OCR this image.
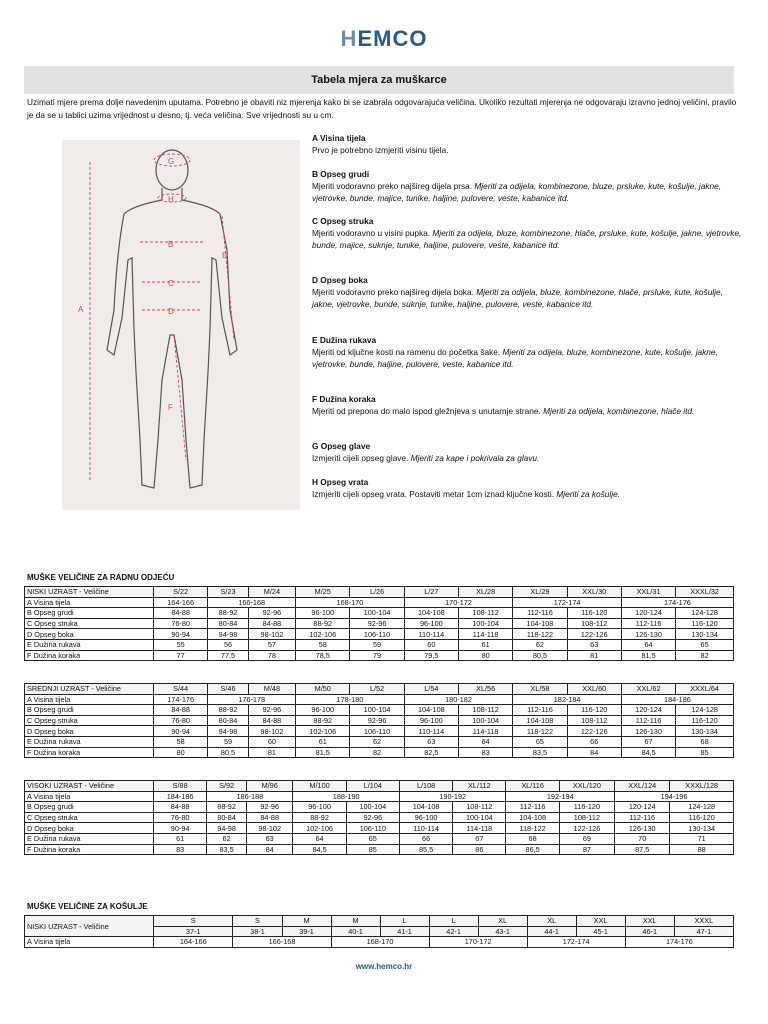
HEMCO
Tabela mjera za muškarce
Uzimati mjere prema dolje navedenim uputama. Potrebno je obaviti niz mjerenja kako bi se izabrala odgovarajuća veličina. Ukoliko rezultati mjerenja ne odgovaraju izravno jednoj veličini, pravilo je da se u tablici uzima vrijednost u desno, tj. veća veličina. Sve vrijednosti su u cm.
G
H
B
C
D
A
E
F
A Visina tijela
Prvo je potrebno izmjeriti visinu tijela.
B Opseg grudi
Mjeriti vodoravno preko najšireg dijela prsa. Mjeriti za odijela, kombinezone, bluze, prsluke, kute, košulje, jakne, vjetrovke, bunde, majice, tunike, haljine, pulovere, veste, kabanice itd.
C Opseg struka
Mjeriti vodoravno u visini pupka. Mjeriti za odijela, bluze, kombinezone, hlače, prsluke, kute, košulje, jakne, vjetrovke, bunde, majice, suknje, tunike, haljine, pulovere, veste, kabanice itd.
D Opseg boka
Mjeriti vodoravno preko najšireg dijela boka. Mjeriti za odijela, bluze, kombinezone, hlače, prsluke, kute, košulje, jakne, vjetrovke, bunde, suknje, tunike, haljine, pulovere, veste, kabanice itd.
E Dužina rukava
Mjeriti od ključne kosti na ramenu do početka šake. Mjeriti za odijela, bluze, kombinezone, kute, košulje, jakne, vjetrovke, bunde, haljine, pulovere, veste, kabanice itd.
F Dužina koraka
Mjeriti od prepona do malo ispod gležnjeva s unutarnje strane. Mjeriti za odijela, kombinezone, hlače itd.
G Opseg glave
Izmjeriti cijeli opseg glave. Mjeriti za kape i pokrivala za glavu.
H Opseg vrata
Izmjeriti cijeli opseg vrata. Postaviti metar 1cm iznad ključne kosti. Mjeriti za košulje.
MUŠKE VELIČINE ZA RADNU ODJEĆU
NISKI UZRAST - Veličine	S/22	S/23	M/24	M/25	L/26	L/27	XL/28	XL/29	XXL/30	XXL/31	XXXL/32
A Visina tijela	164-166	166-168		168-170		170-172		172-174		174-176	
B Opseg grudi	84-88	88-92	92-96	96-100	100-104	104-108	108-112	112-116	116-120	120-124	124-128
C Opseg struka	76-80	80-84	84-88	88-92	92-96	96-100	100-104	104-108	108-112	112-116	116-120
D Opseg boka	90-94	94-98	98-102	102-106	106-110	110-114	114-118	118-122	122-126	126-130	130-134
E Dužina rukava	55	56	57	58	59	60	61	62	63	64	65
F Dužina koraka	77	77,5	78	78,5	79	79,5	80	80,5	81	81,5	82
SREDNJI UZRAST - Veličine	S/44	S/46	M/48	M/50	L/52	L/54	XL/56	XL/58	XXL/60	XXL/62	XXXL/64
A Visina tijela	174-176	176-178		178-180		180-182		182-184		184-186	
B Opseg grudi	84-88	88-92	92-96	96-100	100-104	104-108	108-112	112-116	116-120	120-124	124-128
C Opseg struka	76-80	80-84	84-88	88-92	92-96	96-100	100-104	104-108	108-112	112-116	116-120
D Opseg boka	90-94	94-98	98-102	102-106	106-110	110-114	114-118	118-122	122-126	126-130	130-134
E Dužina rukava	58	59	60	61	62	63	64	65	66	67	68
F Dužina koraka	80	80,5	81	81,5	82	82,5	83	83,5	84	84,5	85
VISOKI UZRAST - Veličine	S/88	S/92	M/96	M/100	L/104	L/108	XL/112	XL/116	XXL/120	XXL/124	XXXL/128
A Visina tijela	184-186	186-188		188-190		190-192		192-194		194-196	
B Opseg grudi	84-88	88-92	92-96	96-100	100-104	104-108	108-112	112-116	116-120	120-124	124-128
C Opseg struka	76-80	80-84	84-88	88-92	92-96	96-100	100-104	104-108	108-112	112-116	116-120
D Opseg boka	90-94	94-98	98-102	102-106	106-110	110-114	114-118	118-122	122-126	126-130	130-134
E Dužina rukava	61	62	63	64	65	66	67	68	69	70	71
F Dužina koraka	83	83,5	84	84,5	85	85,5	86	86,5	87	87,5	88
MUŠKE VELIČINE ZA KOŠULJE
NISKI UZRAST - Veličine	S	S	M	M	L	L	XL	XL	XXL	XXL	XXXL
	37-1	38-1	39-1	40-1	41-1	42-1	43-1	44-1	45-1	46-1	47-1
A Visina tijela	164-166	166-168		168-170		170-172		172-174		174-176	
www.hemco.hr
